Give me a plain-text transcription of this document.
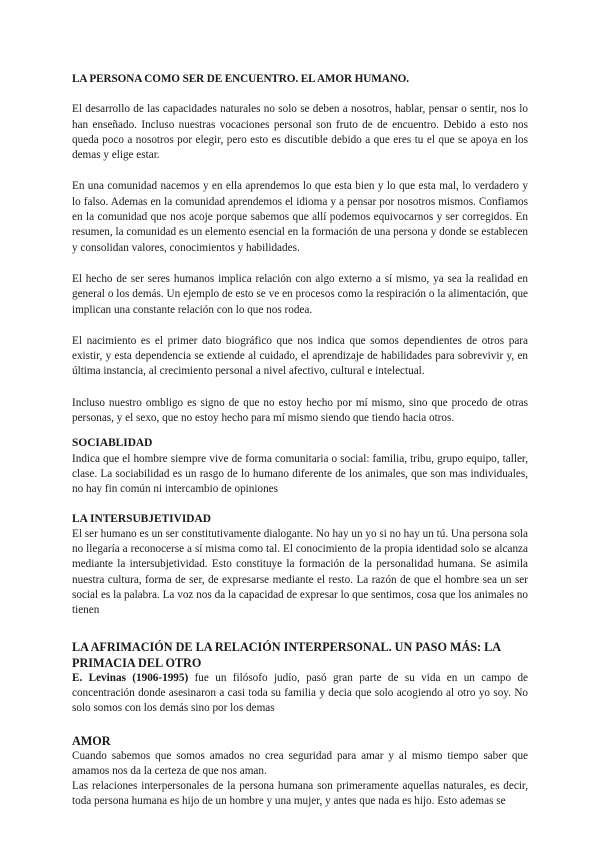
LA PERSONA COMO SER DE ENCUENTRO. EL AMOR HUMANO.

El desarrollo de las capacidades naturales no solo se deben a nosotros, hablar, pensar o sentir, nos lo han enseñado. Incluso nuestras vocaciones personal son fruto de de encuentro. Debido a esto nos queda poco a nosotros por elegir, pero esto es discutible debido a que eres tu el que se apoya en los demas y elige estar.

En una comunidad nacemos y en ella aprendemos lo que esta bien y lo que esta mal, lo verdadero y lo falso. Ademas en la comunidad aprendemos el idioma y a pensar por nosotros mismos. Confiamos en la comunidad que nos acoje porque sabemos que allí podemos equivocarnos y ser corregidos. En resumen, la comunidad es un elemento esencial en la formación de una persona y donde se establecen y consolidan valores, conocimientos y habilidades.

El hecho de ser seres humanos implica relación con algo externo a sí mismo, ya sea la realidad en general o los demás. Un ejemplo de esto se ve en procesos como la respiración o la alimentación, que implican una constante relación con lo que nos rodea.

El nacimiento es el primer dato biográfico que nos indica que somos dependientes de otros para existir, y esta dependencia se extiende al cuidado, el aprendizaje de habilidades para sobrevivir y, en última instancia, al crecimiento personal a nivel afectivo, cultural e intelectual.

Incluso nuestro ombligo es signo de que no estoy hecho por mí mismo, sino que procedo de otras personas, y el sexo, que no estoy hecho para mí mismo siendo que tiendo hacia otros.

SOCIABLIDAD

Indica que el hombre siempre vive de forma comunitaria o social: familia, tribu, grupo equipo, taller, clase. La sociabilidad es un rasgo de lo humano diferente de los animales, que son mas individuales, no hay fin común ni intercambio de opiniones

LA INTERSUBJETIVIDAD

El ser humano es un ser constitutivamente dialogante. No hay un yo si no hay un tú. Una persona sola no llegaría a reconocerse a sí misma como tal. El conocimiento de la propia identidad solo se alcanza mediante la intersubjetividad. Esto constituye la formación de la personalidad humana. Se asimila nuestra cultura, forma de ser, de expresarse mediante el resto. La razón de que el hombre sea un ser social es la palabra. La voz nos da la capacidad de expresar lo que sentimos, cosa que los animales no tienen

LA AFRIMACIÓN DE LA RELACIÓN INTERPERSONAL. UN PASO MÁS: LA PRIMACIA DEL OTRO

E. Levinas (1906-1995) fue un filósofo judío, pasó gran parte de su vida en un campo de concentración donde asesinaron a casi toda su familia y decia que solo acogiendo al otro yo soy. No solo somos con los demás sino por los demas

AMOR

Cuando sabemos que somos amados no crea seguridad para amar y al mismo tiempo saber que amamos nos da la certeza de que nos aman.

Las relaciones interpersonales de la persona humana son primeramente aquellas naturales, es decir, toda persona humana es hijo de un hombre y una mujer, y antes que nada es hijo. Esto ademas se
